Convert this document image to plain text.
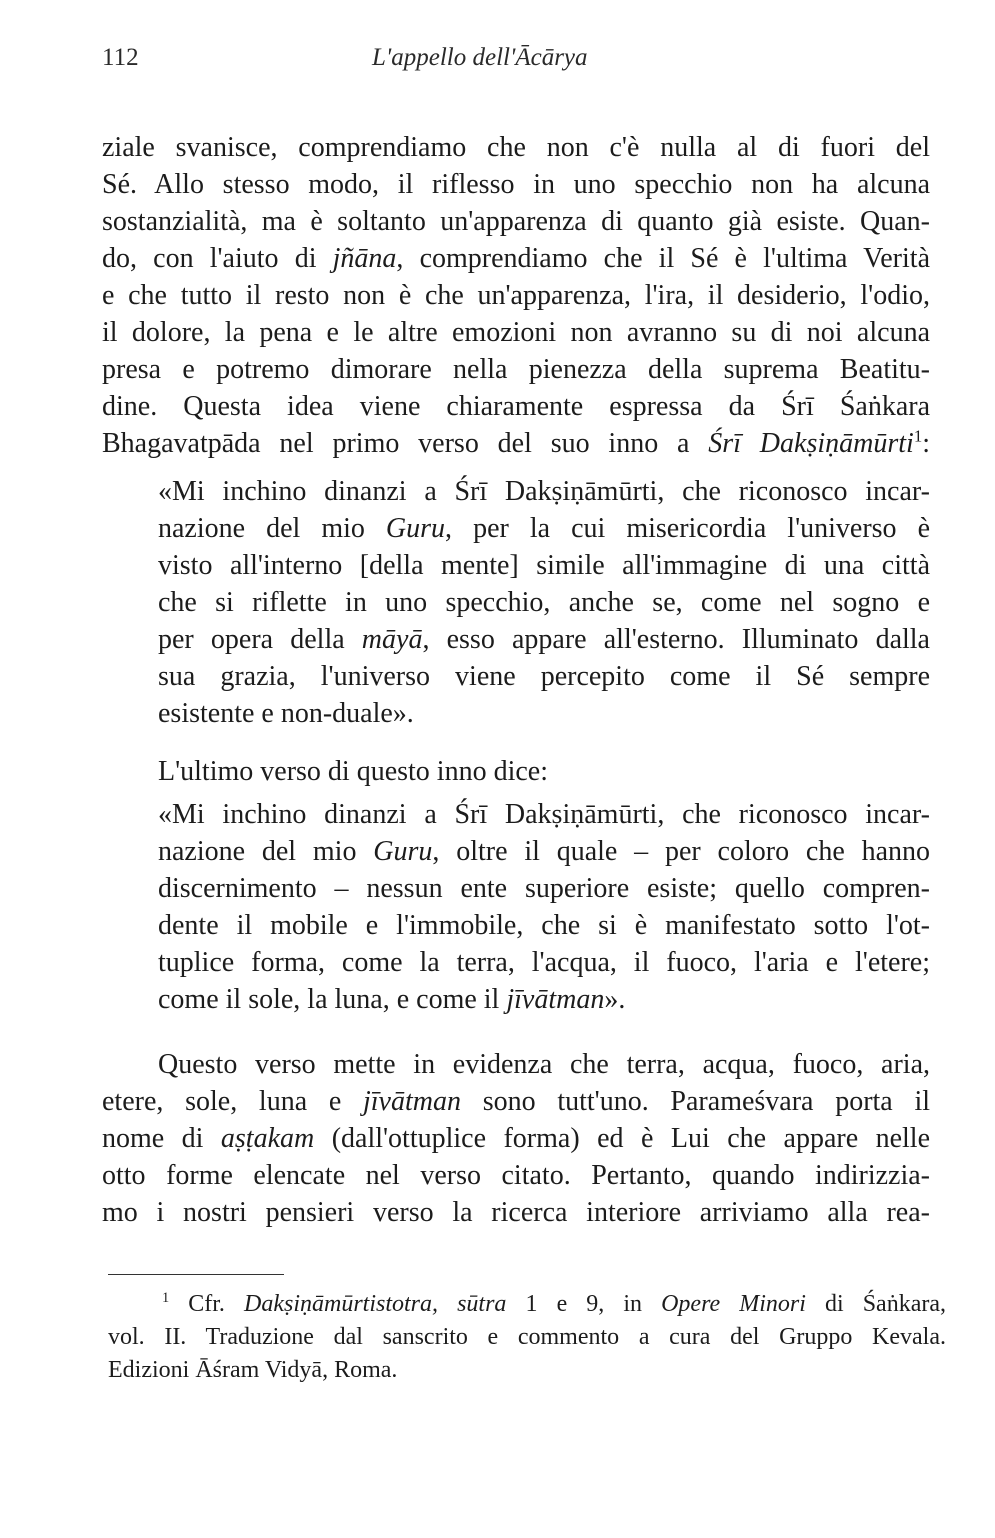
112	L'appello dell'Ācārya
ziale svanisce, comprendiamo che non c'è nulla al di fuori del
Sé. Allo stesso modo, il riflesso in uno specchio non ha alcuna
sostanzialità, ma è soltanto un'apparenza di quanto già esiste. Quan-
do, con l'aiuto di jñāna, comprendiamo che il Sé è l'ultima Verità
e che tutto il resto non è che un'apparenza, l'ira, il desiderio, l'odio,
il dolore, la pena e le altre emozioni non avranno su di noi alcuna
presa e potremo dimorare nella pienezza della suprema Beatitu-
dine. Questa idea viene chiaramente espressa da Śrī Śaṅkara
Bhagavatpāda nel primo verso del suo inno a Śrī Dakṣiṇāmūrti$^1$:
«Mi inchino dinanzi a Śrī Dakṣiṇāmūrti, che riconosco incar-
nazione del mio Guru, per la cui misericordia l'universo è
visto all'interno [della mente] simile all'immagine di una città
che si riflette in uno specchio, anche se, come nel sogno e
per opera della māyā, esso appare all'esterno. Illuminato dalla
sua grazia, l'universo viene percepito come il Sé sempre
esistente e non-duale».
L'ultimo verso di questo inno dice:
«Mi inchino dinanzi a Śrī Dakṣiṇāmūrti, che riconosco incar-
nazione del mio Guru, oltre il quale – per coloro che hanno
discernimento – nessun ente superiore esiste; quello compren-
dente il mobile e l'immobile, che si è manifestato sotto l'ot-
tuplice forma, come la terra, l'acqua, il fuoco, l'aria e l'etere;
come il sole, la luna, e come il jīvātman».
Questo verso mette in evidenza che terra, acqua, fuoco, aria,
etere, sole, luna e jīvātman sono tutt'uno. Parameśvara porta il
nome di aṣṭakam (dall'ottuplice forma) ed è Lui che appare nelle
otto forme elencate nel verso citato. Pertanto, quando indirizzia-
mo i nostri pensieri verso la ricerca interiore arriviamo alla rea-
$^1$ Cfr. Dakṣiṇāmūrtistotra, sūtra 1 e 9, in Opere Minori di Śaṅkara,
vol. II. Traduzione dal sanscrito e commento a cura del Gruppo Kevala.
Edizioni Āśram Vidyā, Roma.
